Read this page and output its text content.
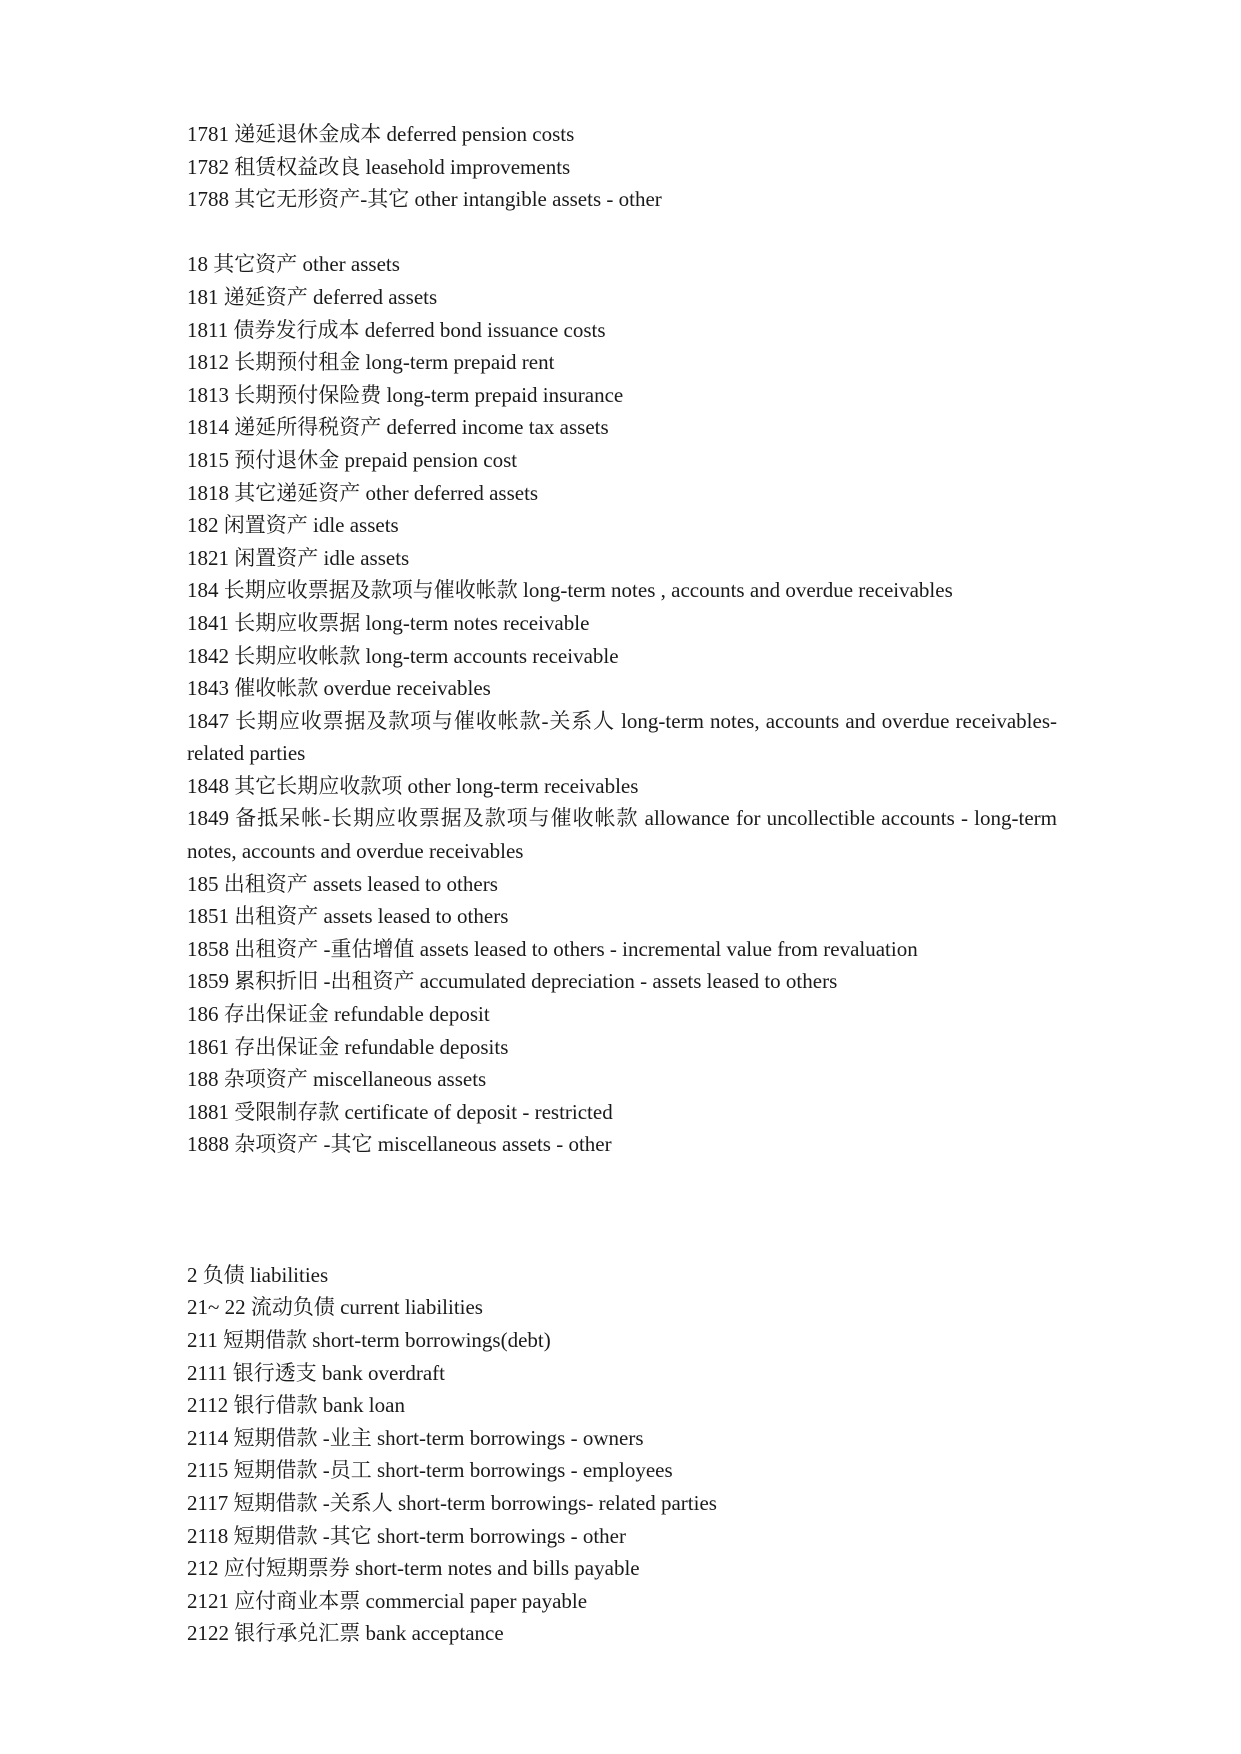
1781 递延退休金成本 deferred pension costs
1782 租赁权益改良 leasehold improvements
1788 其它无形资产-其它 other intangible assets - other
18 其它资产 other assets
181 递延资产 deferred assets
1811 债券发行成本 deferred bond issuance costs
1812 长期预付租金 long-term prepaid rent
1813 长期预付保险费 long-term prepaid insurance
1814 递延所得税资产 deferred income tax assets
1815 预付退休金 prepaid pension cost
1818 其它递延资产 other deferred assets
182 闲置资产 idle assets
1821 闲置资产 idle assets
184 长期应收票据及款项与催收帐款 long-term notes , accounts and overdue receivables
1841 长期应收票据 long-term notes receivable
1842 长期应收帐款 long-term accounts receivable
1843 催收帐款 overdue receivables
1847 长期应收票据及款项与催收帐款-关系人 long-term notes, accounts and overdue receivables- related parties
1848 其它长期应收款项 other long-term receivables
1849 备抵呆帐-长期应收票据及款项与催收帐款 allowance for uncollectible accounts - long-term notes, accounts and overdue receivables
185 出租资产 assets leased to others
1851 出租资产 assets leased to others
1858 出租资产 -重估增值 assets leased to others - incremental value from revaluation
1859 累积折旧 -出租资产 accumulated depreciation - assets leased to others
186 存出保证金 refundable deposit
1861 存出保证金 refundable deposits
188 杂项资产 miscellaneous assets
1881 受限制存款 certificate of deposit - restricted
1888 杂项资产 -其它 miscellaneous assets - other
2 负债 liabilities
21~ 22 流动负债 current liabilities
211 短期借款 short-term borrowings(debt)
2111 银行透支 bank overdraft
2112 银行借款 bank loan
2114 短期借款 -业主 short-term borrowings - owners
2115 短期借款 -员工 short-term borrowings - employees
2117 短期借款 -关系人 short-term borrowings- related parties
2118 短期借款 -其它 short-term borrowings - other
212 应付短期票券 short-term notes and bills payable
2121 应付商业本票 commercial paper payable
2122 银行承兑汇票 bank acceptance
